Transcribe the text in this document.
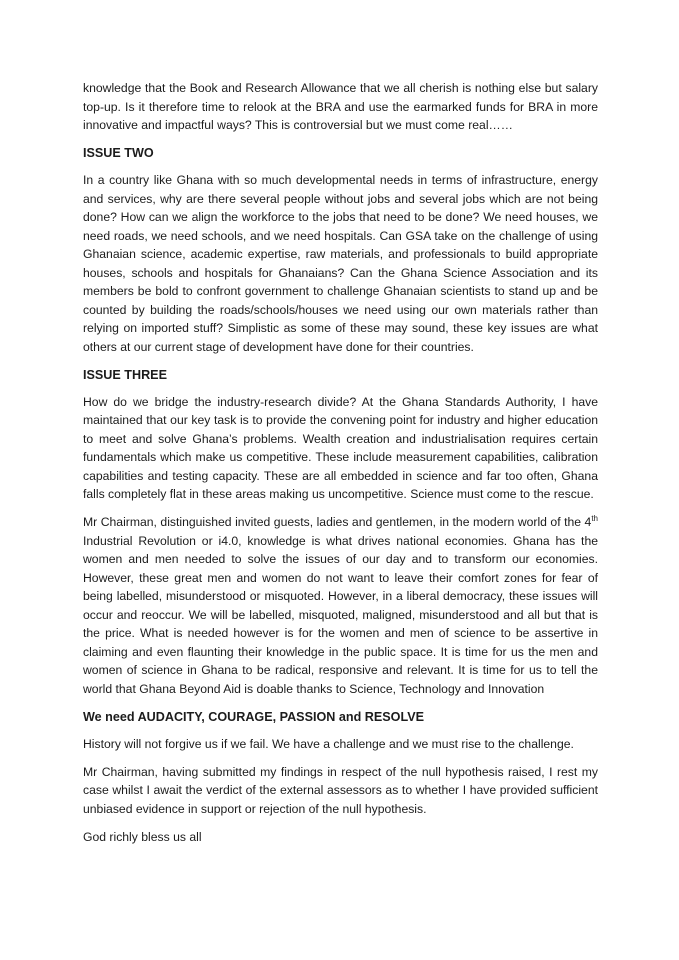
knowledge that the Book and Research Allowance that we all cherish is nothing else but salary top-up. Is it therefore time to relook at the BRA and use the earmarked funds for BRA in more innovative and impactful ways? This is controversial but we must come real……

ISSUE TWO

In a country like Ghana with so much developmental needs in terms of infrastructure, energy and services, why are there several people without jobs and several jobs which are not being done? How can we align the workforce to the jobs that need to be done? We need houses, we need roads, we need schools, and we need hospitals. Can GSA take on the challenge of using Ghanaian science, academic expertise, raw materials, and professionals to build appropriate houses, schools and hospitals for Ghanaians? Can the Ghana Science Association and its members be bold to confront government to challenge Ghanaian scientists to stand up and be counted by building the roads/schools/houses we need using our own materials rather than relying on imported stuff? Simplistic as some of these may sound, these key issues are what others at our current stage of development have done for their countries.

ISSUE THREE

How do we bridge the industry-research divide? At the Ghana Standards Authority, I have maintained that our key task is to provide the convening point for industry and higher education to meet and solve Ghana’s problems. Wealth creation and industrialisation requires certain fundamentals which make us competitive. These include measurement capabilities, calibration capabilities and testing capacity. These are all embedded in science and far too often, Ghana falls completely flat in these areas making us uncompetitive. Science must come to the rescue.

Mr Chairman, distinguished invited guests, ladies and gentlemen, in the modern world of the 4th Industrial Revolution or i4.0, knowledge is what drives national economies. Ghana has the women and men needed to solve the issues of our day and to transform our economies. However, these great men and women do not want to leave their comfort zones for fear of being labelled, misunderstood or misquoted. However, in a liberal democracy, these issues will occur and reoccur. We will be labelled, misquoted, maligned, misunderstood and all but that is the price. What is needed however is for the women and men of science to be assertive in claiming and even flaunting their knowledge in the public space. It is time for us the men and women of science in Ghana to be radical, responsive and relevant. It is time for us to tell the world that Ghana Beyond Aid is doable thanks to Science, Technology and Innovation

We need AUDACITY, COURAGE, PASSION and RESOLVE

History will not forgive us if we fail. We have a challenge and we must rise to the challenge.

Mr Chairman, having submitted my findings in respect of the null hypothesis raised, I rest my case whilst I await the verdict of the external assessors as to whether I have provided sufficient unbiased evidence in support or rejection of the null hypothesis.

God richly bless us all
